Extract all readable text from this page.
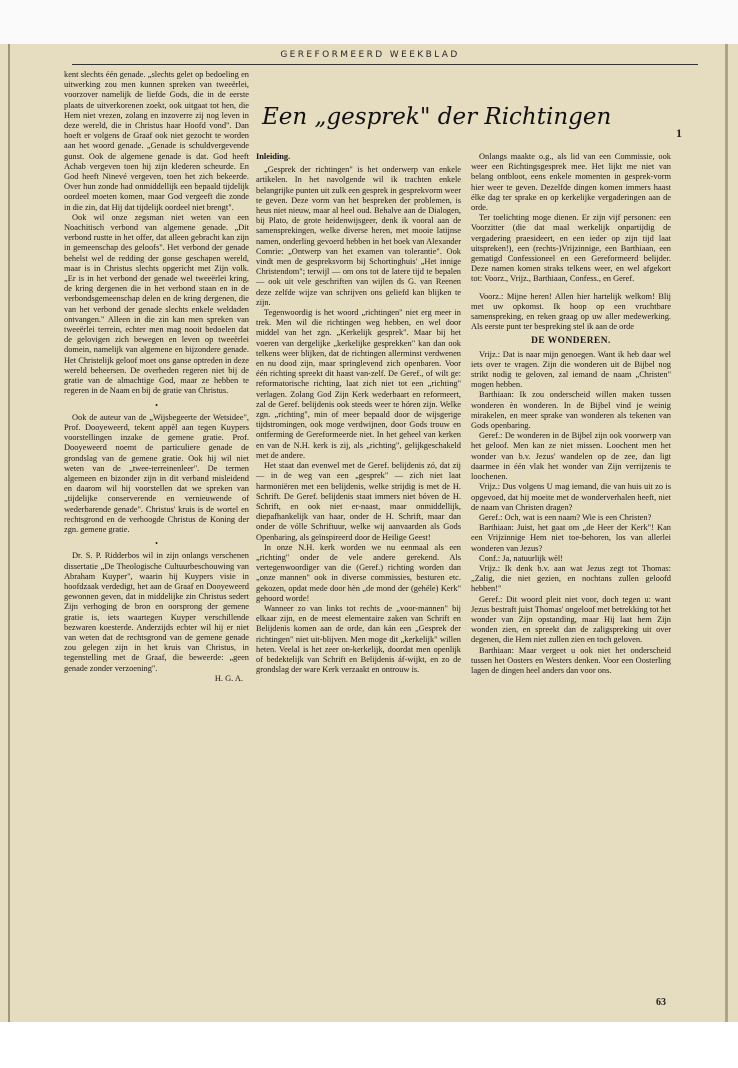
GEREFORMEERD WEEKBLAD

kent slechts één genade. „slechts gelet op bedoeling en uitwerking zou men kunnen spreken van tweeërlei, voorzover namelijk de liefde Gods, die in de eerste plaats de uitverkorenen zoekt, ook uitgaat tot hen, die Hem niet vrezen, zolang en inzoverre zij nog leven in deze wereld, die in Christus haar Hoofd vond". Dan hoeft er volgens de Graaf ook niet gezocht te worden aan het woord genade. „Genade is schuldvergevende gunst. Ook de algemene genade is dat. God heeft Achab vergeven toen hij zijn klederen scheurde. En God heeft Ninevé vergeven, toen het zich bekeerde. Over hun zonde had onmiddellijk een bepaald tijdelijk oordeel moeten komen, maar God vergeeft die zonde in die zin, dat Hij dat tijdelijk oordeel niet brengt".

Ook wil onze zegsman niet weten van een Noachitisch verbond van algemene genade. „Dit verbond rustte in het offer, dat alleen gebracht kan zijn in gemeenschap des geloofs". Het verbond der genade behelst wel de redding der gonse geschapen wereld, maar is in Christus slechts opgericht met Zijn volk. „Er is in het verbond der genade wel tweeërlei kring, de kring dergenen die in het verbond staan en in de verbondsgemeenschap delen en de kring dergenen, die van het verbond der genade slechts enkele weldaden ontvangen." Alleen in die zin kan men spreken van tweeërlei terrein, echter men mag nooit bedoelen dat de gelovigen zich bewegen en leven op tweeërlei domein, namelijk van algemene en bijzondere genade. Het Christelijk geloof moet ons ganse optreden in deze wereld beheersen. De overheden regeren niet bij de gratie van de almachtige God, maar ze hebben te regeren in de Naam en bij de gratie van Christus.

•

Ook de auteur van de „Wijsbegeerte der Wetsidee", Prof. Dooyeweerd, tekent appèl aan tegen Kuypers voorstellingen inzake de gemene gratie. Prof. Dooyeweerd noemt de particuliere genade de grondslag van de gemene gratie. Ook hij wil niet weten van de „twee-terreinenleer". De termen algemeen en bizonder zijn in dit verband misleidend en daarom wil hij voorstellen dat we spreken van „tijdelijke conserverende en vernieuwende of wederbarende genade". Christus' kruis is de wortel en rechtsgrond en de verhoogde Christus de Koning der zgn. gemene gratie.

•

Dr. S. P. Ridderbos wil in zijn onlangs verschenen dissertatie „De Theologische Cultuurbeschouwing van Abraham Kuyper", waarin hij Kuypers visie in hoofdzaak verdedigt, het aan de Graaf en Dooyeweerd gewonnen geven, dat in middelijke zin Christus sedert Zijn verhoging de bron en oorsprong der gemene gratie is, iets waartegen Kuyper verschillende bezwaren koesterde. Anderzijds echter wil hij er niet van weten dat de rechtsgrond van de gemene genade zou gelegen zijn in het kruis van Christus, in tegenstelling met de Graaf, die beweerde: „geen genade zonder verzoening".

H. G. A.
Een „gesprek" der Richtingen
1
Inleiding.

„Gesprek der richtingen" is het onderwerp van enkele artikelen. In het navolgende wil ik trachten enkele belangrijke punten uit zulk een gesprek in gesprekvorm weer te geven. Deze vorm van het bespreken der problemen, is heus niet nieuw, maar al heel oud. Behalve aan de Dialogen, bij Plato, de grote heidenwijsgeer, denk ik vooral aan de samensprekingen, welke diverse heren, met mooie latijnse namen, onderling gevoerd hebben in het boek van Alexander Comrie: „Ontwerp van het examen van tolerantie". Ook vindt men de gespreksvorm bij Schortinghuis' „Het innige Christendom"; terwijl — om ons tot de latere tijd te bepalen — ook uit vele geschriften van wijlen ds G. van Reenen deze zelfde wijze van schrijven ons geliefd kan blijken te zijn.

Tegenwoordig is het woord „richtingen" niet erg meer in trek. Men wil die richtingen weg hebben, en wel door middel van het zgn. „Kerkelijk gesprek". Maar bij het voeren van dergelijke „kerkelijke gesprekken" kan dan ook telkens weer blijken, dat de richtingen allerminst verdwenen en nu dood zijn, maar springlevend zich openbaren. Voor één richting spreekt dit haast van-zelf. De Geref., of wilt ge: reformatorische richting, laat zich niet tot een „richting" verlagen. Zolang God Zijn Kerk wederbaart en reformeert, zal de Geref. belijdenis ook steeds weer te hóren zijn. Welke zgn. „richting", min of meer bepaald door de wijsgerige tijdstromingen, ook moge verdwijnen, door Gods trouw en ontferming de Gereformeerde niet. In het geheel van kerken en van de N.H. kerk is zij, als „richting", gelijkgeschakeld met de andere.

Het staat dan evenwel met de Geref. belijdenis zó, dat zij — in de weg van een „gesprek" — zich niet laat harmoniëren met een belijdenis, welke strijdig is met de H. Schrift. De Geref. belijdenis staat immers niet bóven de H. Schrift, en ook niet er-naast, maar onmiddellijk, diepafhankelijk van haar, onder de H. Schrift, maar dan onder de vólle Schriftuur, welke wij aanvaarden als Gods Openbaring, als geïnspireerd door de Heilige Geest!

In onze N.H. kerk worden we nu eenmaal als een „richting" onder de vele andere gerekend. Als vertegenwoordiger van die (Geref.) richting worden dan „onze mannen" ook in diverse commissies, besturen etc. gekozen, opdat mede door hèn „de mond der (gehéle) Kerk" gehoord worde!

Wanneer zo van links tot rechts de „voor-mannen" bij elkaar zijn, en de meest elementaire zaken van Schrift en Belijdenis komen aan de orde, dan kán een „Gesprek der richtingen" niet uit-blijven. Men moge dit „kerkelijk" willen heten. Veelal is het zeer on-kerkelijk, doordat men openlijk of bedektelijk van Schrift en Belijdenis áf-wijkt, en zo de grondslag der ware Kerk verzaakt en ontrouw is.

Onlangs maakte o.g., als lid van een Commissie, ook weer een Richtingsgesprek mee. Het lijkt me niet van belang ontbloot, eens enkele momenten in gesprek-vorm hier weer te geven. Dezelfde dingen komen immers haast élke dag ter sprake en op kerkelijke vergaderingen aan de orde.

Ter toelichting moge dienen. Er zijn vijf personen: een Voorzitter (die dat maal werkelijk onpartijdig de vergadering praesideert, en een ieder op zijn tijd laat uitspreken!), een (rechts-)Vrijzinnige, een Barthiaan, een gematigd Confessioneel en een Gereformeerd belijder. Deze namen komen straks telkens weer, en wel afgekort tot: Voorz., Vrijz., Barthiaan, Confess., en Geref.

Voorz.: Mijne heren! Allen hier hartelijk welkom! Blij met uw opkomst. Ik hoop op een vruchtbare samenspreking, en reken graag op uw aller medewerking. Als eerste punt ter bespreking stel ik aan de orde

DE WONDEREN.

Vrijz.: Dat is naar mijn genoegen. Want ik heb daar wel iets over te vragen. Zijn die wonderen uit de Bijbel nog strikt nodig te geloven, zal iemand de naam „Christen" mogen hebben.

Barthiaan: Ik zou onderscheid willen maken tussen wonderen èn wonderen. In de Bijbel vind je weinig mirakelen, en meer sprake van wonderen als tekenen van Gods openbaring.

Geref.: De wonderen in de Bijbel zijn ook voorwerp van het geloof. Men kan ze niet missen. Loochent men het wonder van b.v. Jezus' wandelen op de zee, dan ligt daarmee in één vlak het wonder van Zijn verrijzenis te loochenen.

Vrijz.: Dus volgens U mag iemand, die van huis uit zo is opgevoed, dat hij moeite met de wonderverhalen heeft, niet de naam van Christen dragen?

Geref.: Och, wat is een naam? Wie is een Christen?

Barthiaan: Juist, het gaat om „de Heer der Kerk"! Kan een Vrijzinnige Hem niet toe-behoren, los van allerlei wonderen van Jezus?

Conf.: Ja, natuurlijk wèl!

Vrijz.: Ik denk b.v. aan wat Jezus zegt tot Thomas: „Zalig, die niet gezien, en nochtans zullen geloofd hebben!"

Geref.: Dit woord pleit niet voor, doch tegen u: want Jezus bestraft juist Thomas' ongeloof met betrekking tot het wonder van Zijn opstanding, maar Hij laat hem Zijn wonden zien, en spreekt dan de zaligspreking uit over degenen, die Hem niet zullen zien en toch geloven.

Barthiaan: Maar vergeet u ook niet het onderscheid tussen het Oosters en Westers denken. Voor een Oosterling lagen de dingen heel anders dan voor ons.

63
